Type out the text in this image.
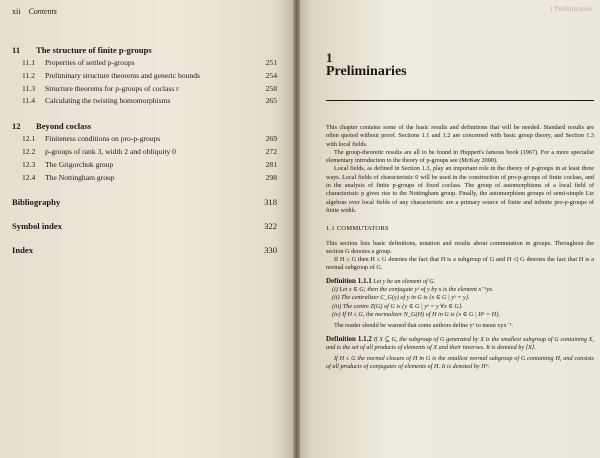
xii Contents
11	The structure of finite p-groups
11.1	Properties of settled p-groups	251
11.2	Preliminary structure theorems and generic bounds	254
11.3	Structure theorems for p-groups of coclass r	258
11.4	Calculating the twisting homomorphisms	265
12	Beyond coclass
12.1	Finiteness conditions on pro-p-groups	269
12.2	p-groups of rank 3, width 2 and obliquity 0	272
12.3	The Grigorchuk group	281
12.4	The Nottingham group	298
Bibliography	318
Symbol index	322
Index	330
1 Preliminaries
1
Preliminaries

This chapter contains some of the basic results and definitions that will be needed. Standard results are often quoted without proof. Sections 1.1 and 1.2 are concerned with basic group theory, and Section 1.3 with local fields.

The group-theoretic results are all to be found in Huppert's famous book (1967). For a more specialist elementary introduction to the theory of p-groups see (McKay 2000).

Local fields, as defined in Section 1.3, play an important role in the theory of p-groups in at least three ways. Local fields of characteristic 0 will be used in the construction of pro-p-groups of finite coclass, and in the analysis of finite p-groups of fixed coclass. The group of automorphisms of a local field of characteristic p gives rise to the Nottingham group. Finally, the automorphism groups of semi-simple Lie algebras over local fields of any characteristic are a primary source of finite and infinite pro-p-groups of finite width.

1.1 COMMUTATORS

This section lists basic definitions, notation and results about commutation in groups. Throughout the section G denotes a group.

If H ≤ G then H ≤ G denotes the fact that H is a subgroup of G and H ◁ G denotes the fact that H is a normal subgroup of G.

Definition 1.1.1 Let y be an element of G.
(i) Let x ∈ G; then the conjugate yˣ of y by x is the element x⁻¹yx.
(ii) The centralizer C_G(y) of y in G is {x ∈ G | yˣ = y}.
(iii) The centre Z(G) of G is {y ∈ G | yˣ = y ∀x ∈ G}.
(iv) If H ≤ G, the normalizer N_G(H) of H in G is {x ∈ G | Hˣ = H}.
The reader should be warned that some authors define yˣ to mean xyx⁻¹.
Definition 1.1.2 If X ⊆ G, the subgroup of G generated by X is the smallest subgroup of G containing X, and is the set of all products of elements of X and their inverses. It is denoted by ⟨X⟩.
If H ≤ G the normal closure of H in G is the smallest normal subgroup of G containing H, and consists of all products of conjugates of elements of H. It is denoted by Hᴳ.
